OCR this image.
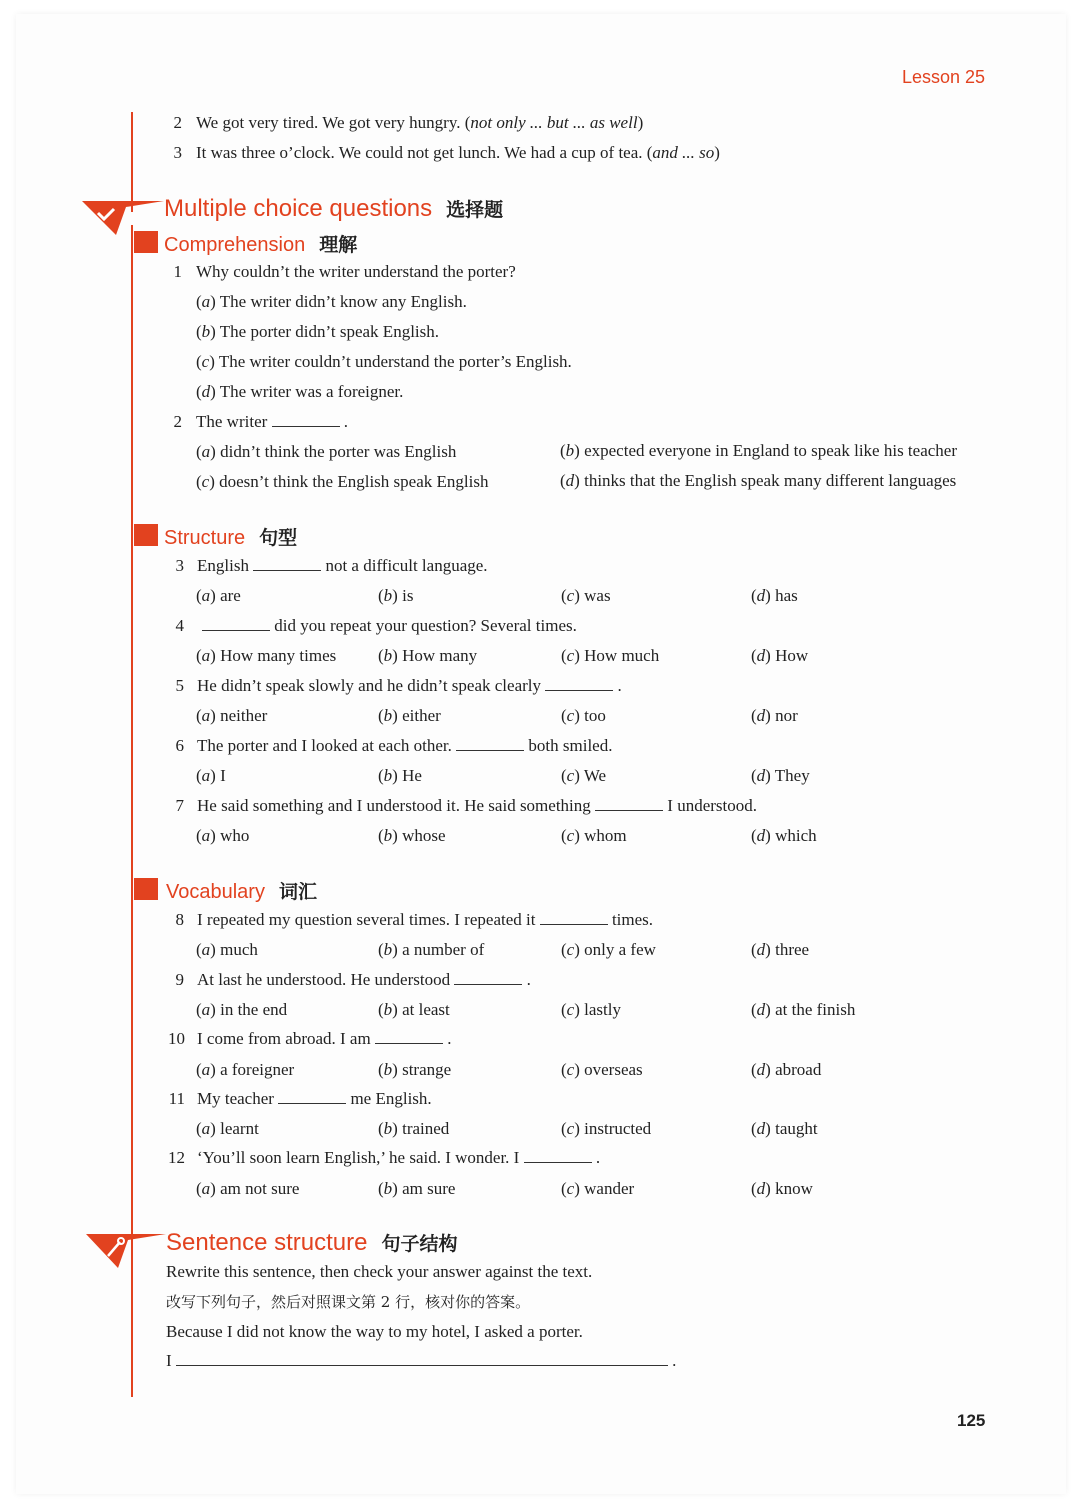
Lesson 25
2 We got very tired. We got very hungry. (not only ... but ... as well)
3 It was three o’clock. We could not get lunch. We had a cup of tea. (and ... so)
Multiple choice questions 选择题
Comprehension 理解
1 Why couldn’t the writer understand the porter?
(a) The writer didn’t know any English.
(b) The porter didn’t speak English.
(c) The writer couldn’t understand the porter’s English.
(d) The writer was a foreigner.
2 The writer	.
(a) didn’t think the porter was English	(b) expected everyone in England to speak like his teacher
(c) doesn’t think the English speak English	(d) thinks that the English speak many different languages
Structure 句型
3 English	not a difficult language.
(a) are	(b) is	(c) was	(d) has
4	did you repeat your question? Several times.
(a) How many times (b) How many	(c) How much	(d) How
5 He didn’t speak slowly and he didn’t speak clearly	.
(a) neither	(b) either	(c) too	(d) nor
6 The porter and I looked at each other.	both smiled.
(a) I	(b) He	(c) We	(d) They
7 He said something and I understood it. He said something	I understood.
(a) who	(b) whose	(c) whom	(d) which
Vocabulary 词汇
8 I repeated my question several times. I repeated it	times.
(a) much	(b) a number of	(c) only a few	(d) three
9 At last he understood. He understood	.
(a) in the end	(b) at least	(c) lastly	(d) at the finish
10 I come from abroad. I am	.
(a) a foreigner	(b) strange	(c) overseas	(d) abroad
11 My teacher	me English.
(a) learnt	(b) trained	(c) instructed	(d) taught
12 ‘You’ll soon learn English,’ he said. I wonder. I	.
(a) am not sure	(b) am sure	(c) wander	(d) know
Sentence structure 句子结构
Rewrite this sentence, then check your answer against the text.
改写下列句子，然后对照课文第 2 行，核对你的答案。
Because I did not know the way to my hotel, I asked a porter.
I	.
125
